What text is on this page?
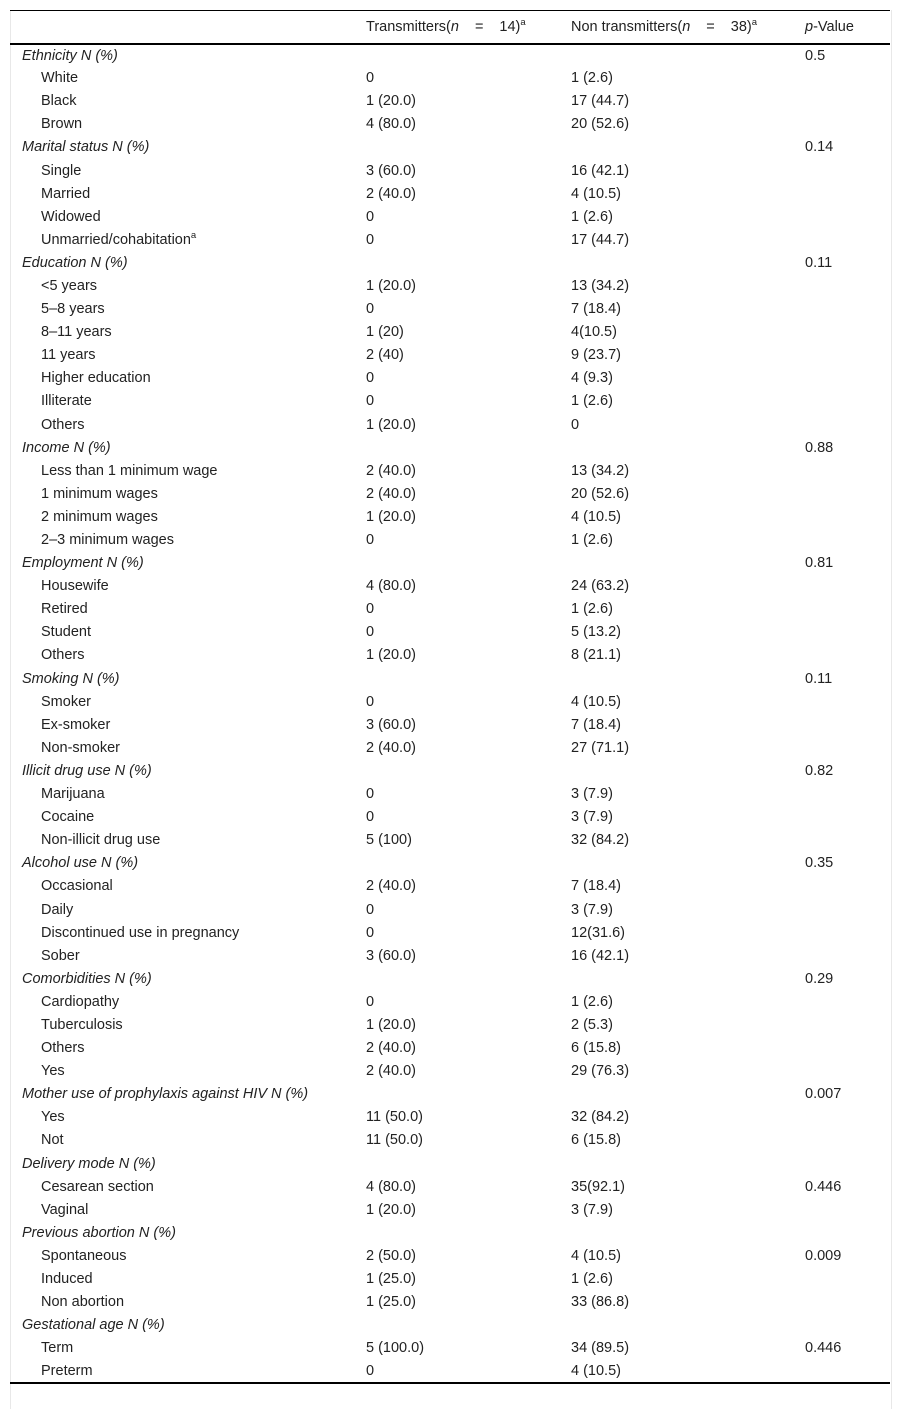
	Transmitters(n = 14)$^a$	Non transmitters(n = 38)$^a$	p-Value
Ethnicity N (%)			0.5
White	0	1 (2.6)	
Black	1 (20.0)	17 (44.7)	
Brown	4 (80.0)	20 (52.6)	
Marital status N (%)			0.14
Single	3 (60.0)	16 (42.1)	
Married	2 (40.0)	4 (10.5)	
Widowed	0	1 (2.6)	
Unmarried/cohabitation$^a$	0	17 (44.7)	
Education N (%)			0.11
<5 years	1 (20.0)	13 (34.2)	
5–8 years	0	7 (18.4)	
8–11 years	1 (20)	4(10.5)	
11 years	2 (40)	9 (23.7)	
Higher education	0	4 (9.3)	
Illiterate	0	1 (2.6)	
Others	1 (20.0)	0	
Income N (%)			0.88
Less than 1 minimum wage	2 (40.0)	13 (34.2)	
1 minimum wages	2 (40.0)	20 (52.6)	
2 minimum wages	1 (20.0)	4 (10.5)	
2–3 minimum wages	0	1 (2.6)	
Employment N (%)			0.81
Housewife	4 (80.0)	24 (63.2)	
Retired	0	1 (2.6)	
Student	0	5 (13.2)	
Others	1 (20.0)	8 (21.1)	
Smoking N (%)			0.11
Smoker	0	4 (10.5)	
Ex-smoker	3 (60.0)	7 (18.4)	
Non-smoker	2 (40.0)	27 (71.1)	
Illicit drug use N (%)			0.82
Marijuana	0	3 (7.9)	
Cocaine	0	3 (7.9)	
Non-illicit drug use	5 (100)	32 (84.2)	
Alcohol use N (%)			0.35
Occasional	2 (40.0)	7 (18.4)	
Daily	0	3 (7.9)	
Discontinued use in pregnancy	0	12(31.6)	
Sober	3 (60.0)	16 (42.1)	
Comorbidities N (%)			0.29
Cardiopathy	0	1 (2.6)	
Tuberculosis	1 (20.0)	2 (5.3)	
Others	2 (40.0)	6 (15.8)	
Yes	2 (40.0)	29 (76.3)	
Mother use of prophylaxis against HIV N (%)			0.007
Yes	11 (50.0)	32 (84.2)	
Not	11 (50.0)	6 (15.8)	
Delivery mode N (%)			
Cesarean section	4 (80.0)	35(92.1)	0.446
Vaginal	1 (20.0)	3 (7.9)	
Previous abortion N (%)			
Spontaneous	2 (50.0)	4 (10.5)	0.009
Induced	1 (25.0)	1 (2.6)	
Non abortion	1 (25.0)	33 (86.8)	
Gestational age N (%)			
Term	5 (100.0)	34 (89.5)	0.446
Preterm	0	4 (10.5)	
